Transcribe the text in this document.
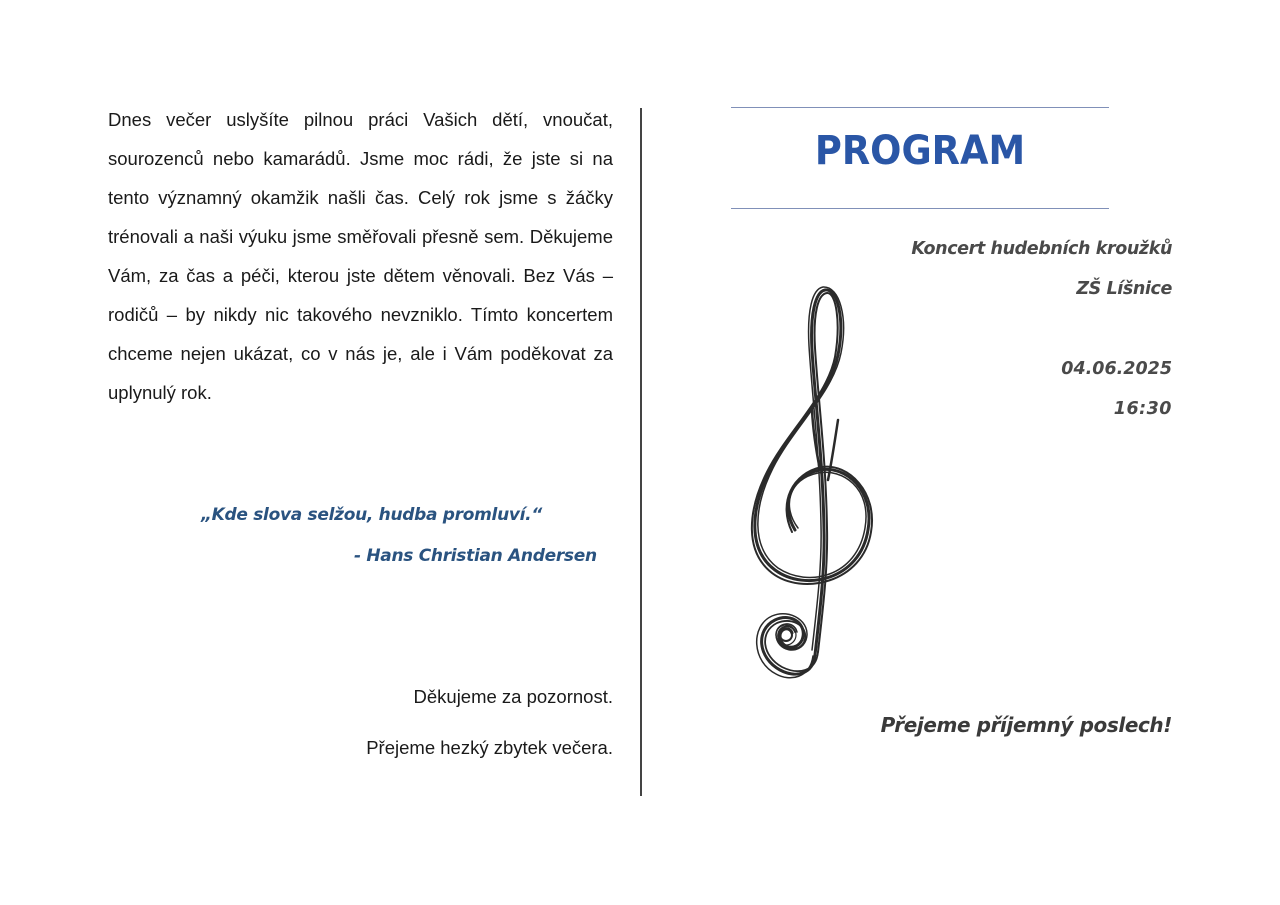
Dnes večer uslyšíte pilnou práci Vašich dětí, vnoučat, sourozenců nebo kamarádů. Jsme moc rádi, že jste si na tento významný okamžik našli čas. Celý rok jsme s žáčky trénovali a naši výuku jsme směřovali přesně sem. Děkujeme Vám, za čas a péči, kterou jste dětem věnovali. Bez Vás – rodičů – by nikdy nic takového nevzniklo. Tímto koncertem chceme nejen ukázat, co v nás je, ale i Vám poděkovat za uplynulý rok.

„Kde slova selžou, hudba promluví.“
- Hans Christian Andersen
Děkujeme za pozornost.
Přejeme hezký zbytek večera.
PROGRAM
Koncert hudebních kroužků
ZŠ Líšnice
04.06.2025
16:30
Přejeme příjemný poslech!
